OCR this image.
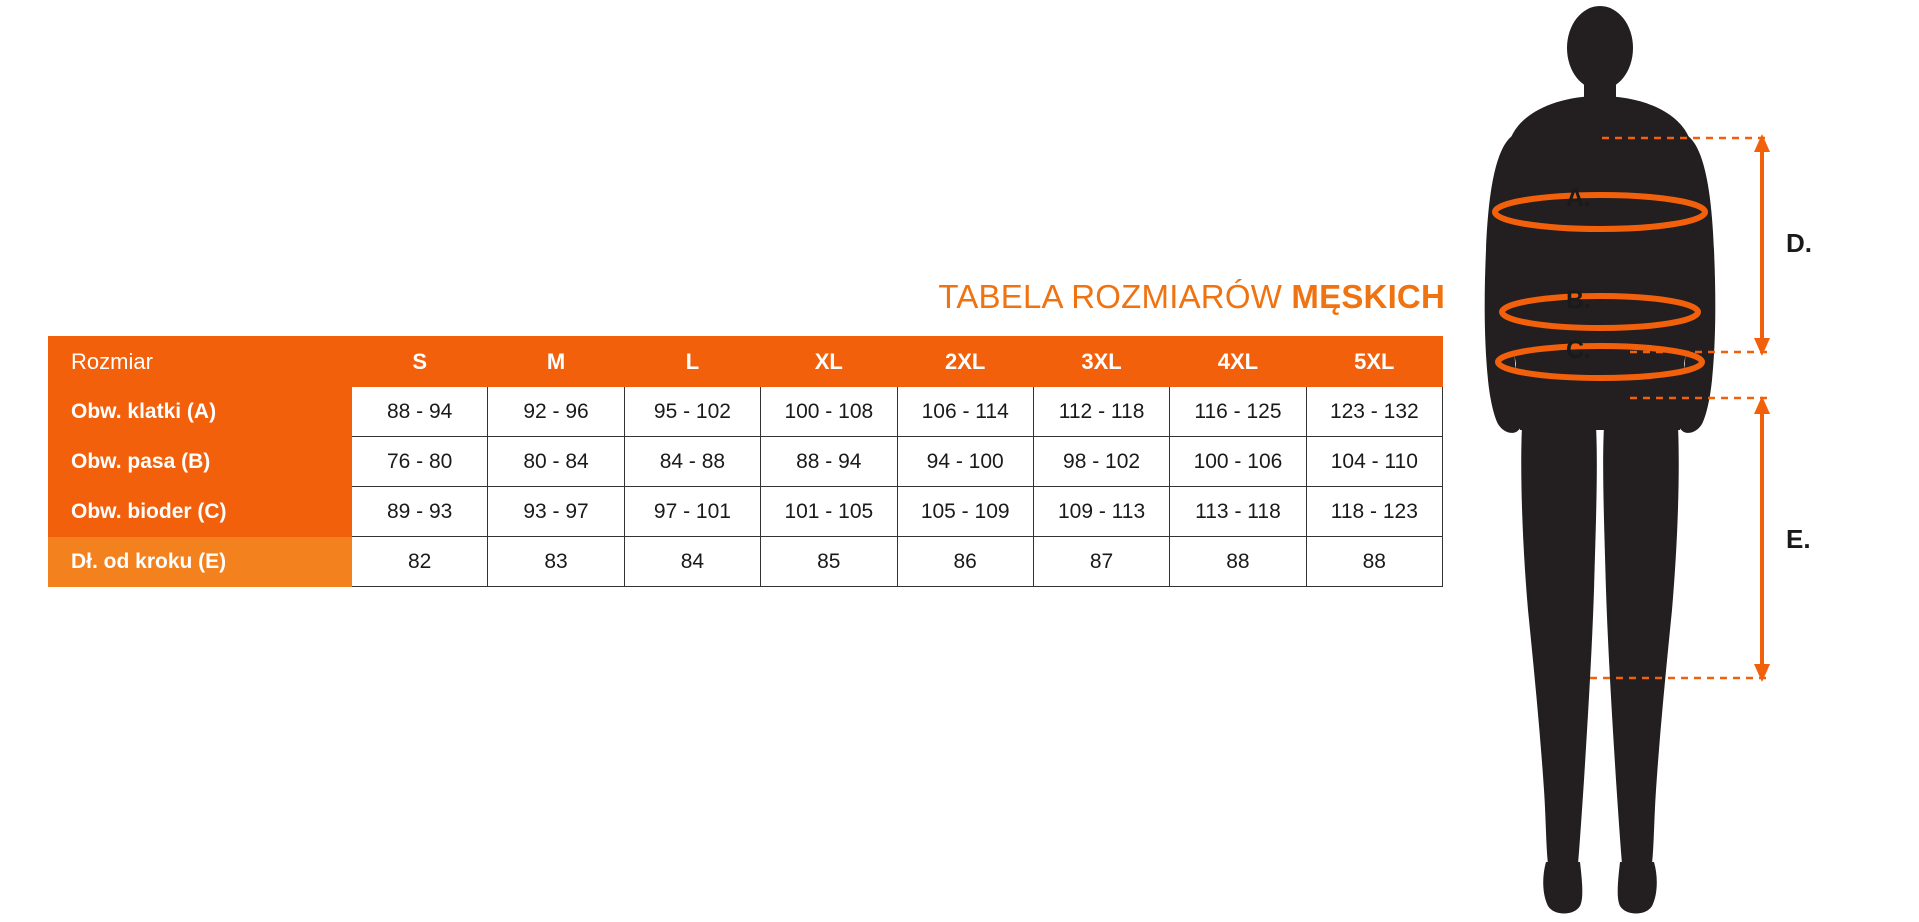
TABELA ROZMIARÓW MĘSKICH
Rozmiar	S	M	L	XL	2XL	3XL	4XL	5XL
Obw. klatki (A)	88 - 94	92 - 96	95 - 102	100 - 108	106 - 114	112 - 118	116 - 125	123 - 132
Obw. pasa (B)	76 - 80	80 - 84	84 - 88	88 - 94	94 - 100	98 - 102	100 - 106	104 - 110
Obw. bioder (C)	89 - 93	93 - 97	97 - 101	101 - 105	105 - 109	109 - 113	113 - 118	118 - 123
Dł. od kroku (E)	82	83	84	85	86	87	88	88
A.
B.
C.
D.
E.
